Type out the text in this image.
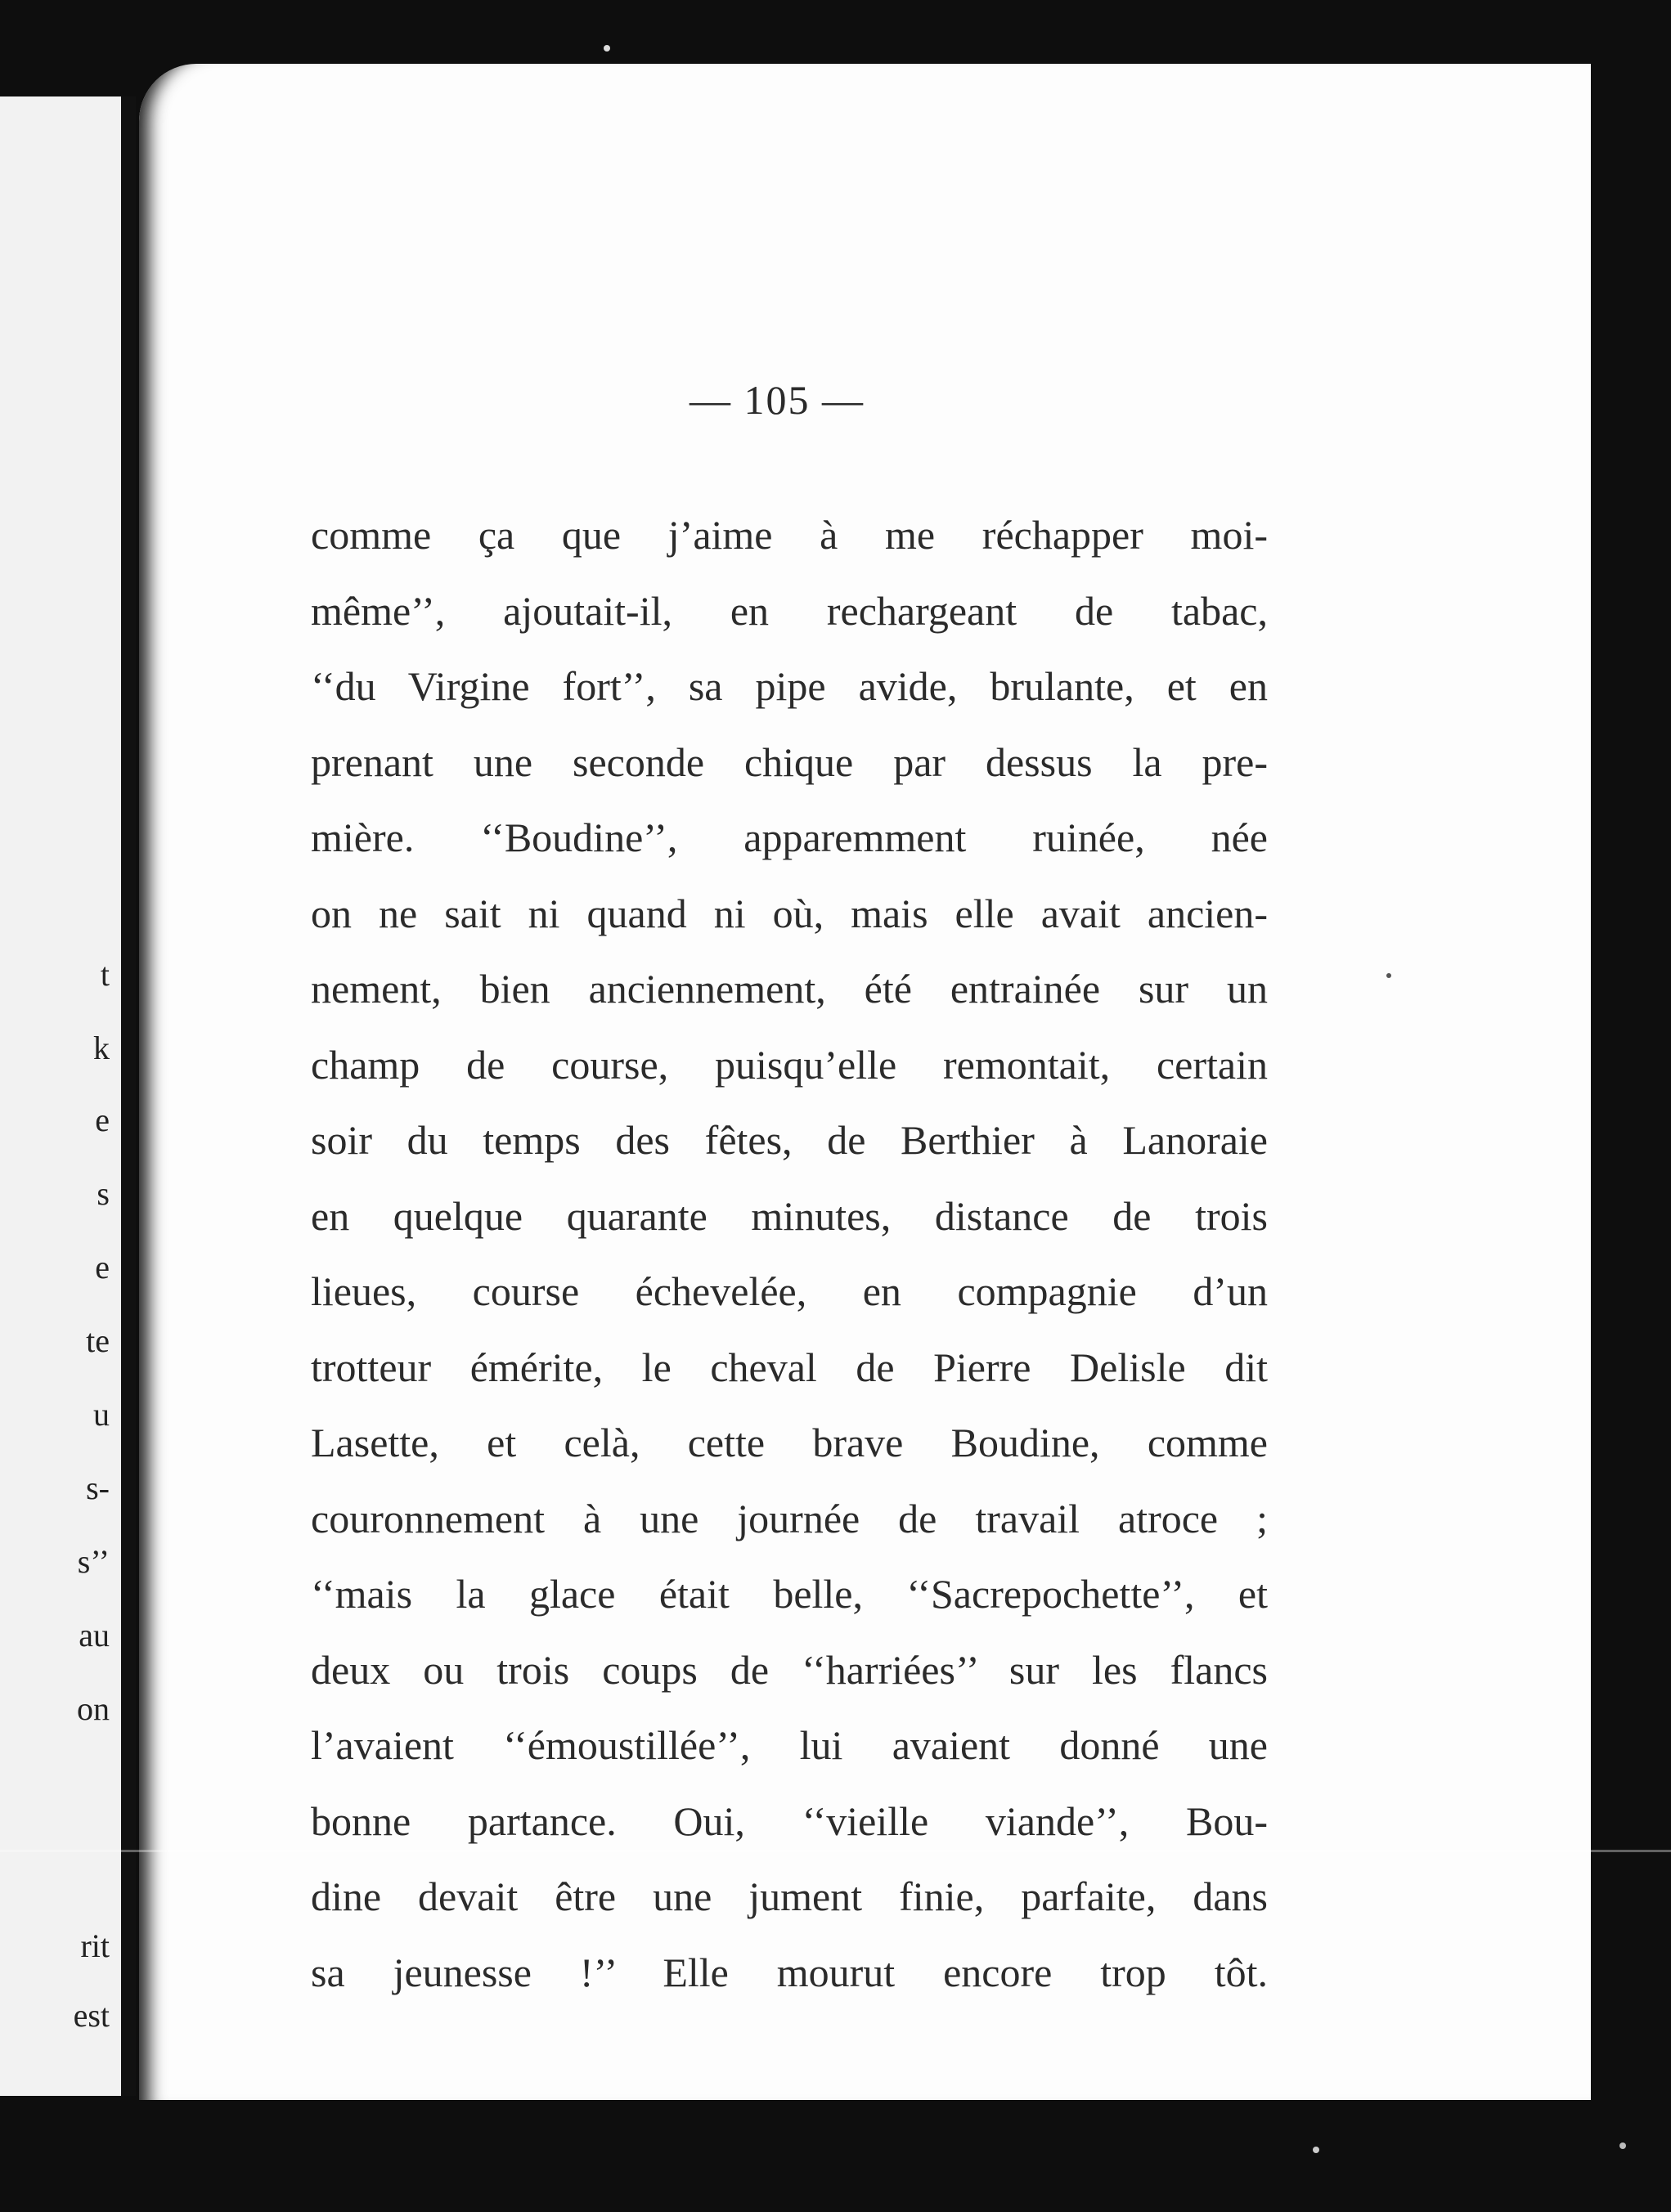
t
k
e
s
e
te
u
s-
s’’
au
on
rit
est
— 105 —
comme ça que j’aime à me réchapper moi-
même’’, ajoutait-il, en rechargeant de tabac,
‘‘du Virgine fort’’, sa pipe avide, brulante, et en
prenant une seconde chique par dessus la pre-
mière. ‘‘Boudine’’, apparemment ruinée, née
on ne sait ni quand ni où, mais elle avait ancien-
nement, bien anciennement, été entrainée sur un
champ de course, puisqu’elle remontait, certain
soir du temps des fêtes, de Berthier à Lanoraie
en quelque quarante minutes, distance de trois
lieues, course échevelée, en compagnie d’un
trotteur émérite, le cheval de Pierre Delisle dit
Lasette, et celà, cette brave Boudine, comme
couronnement à une journée de travail atroce ;
‘‘mais la glace était belle, ‘‘Sacrepochette’’, et
deux ou trois coups de ‘‘harriées’’ sur les flancs
l’avaient ‘‘émoustillée’’, lui avaient donné une
bonne partance. Oui, ‘‘vieille viande’’, Bou-
dine devait être une jument finie, parfaite, dans
sa jeunesse !’’ Elle mourut encore trop tôt.
